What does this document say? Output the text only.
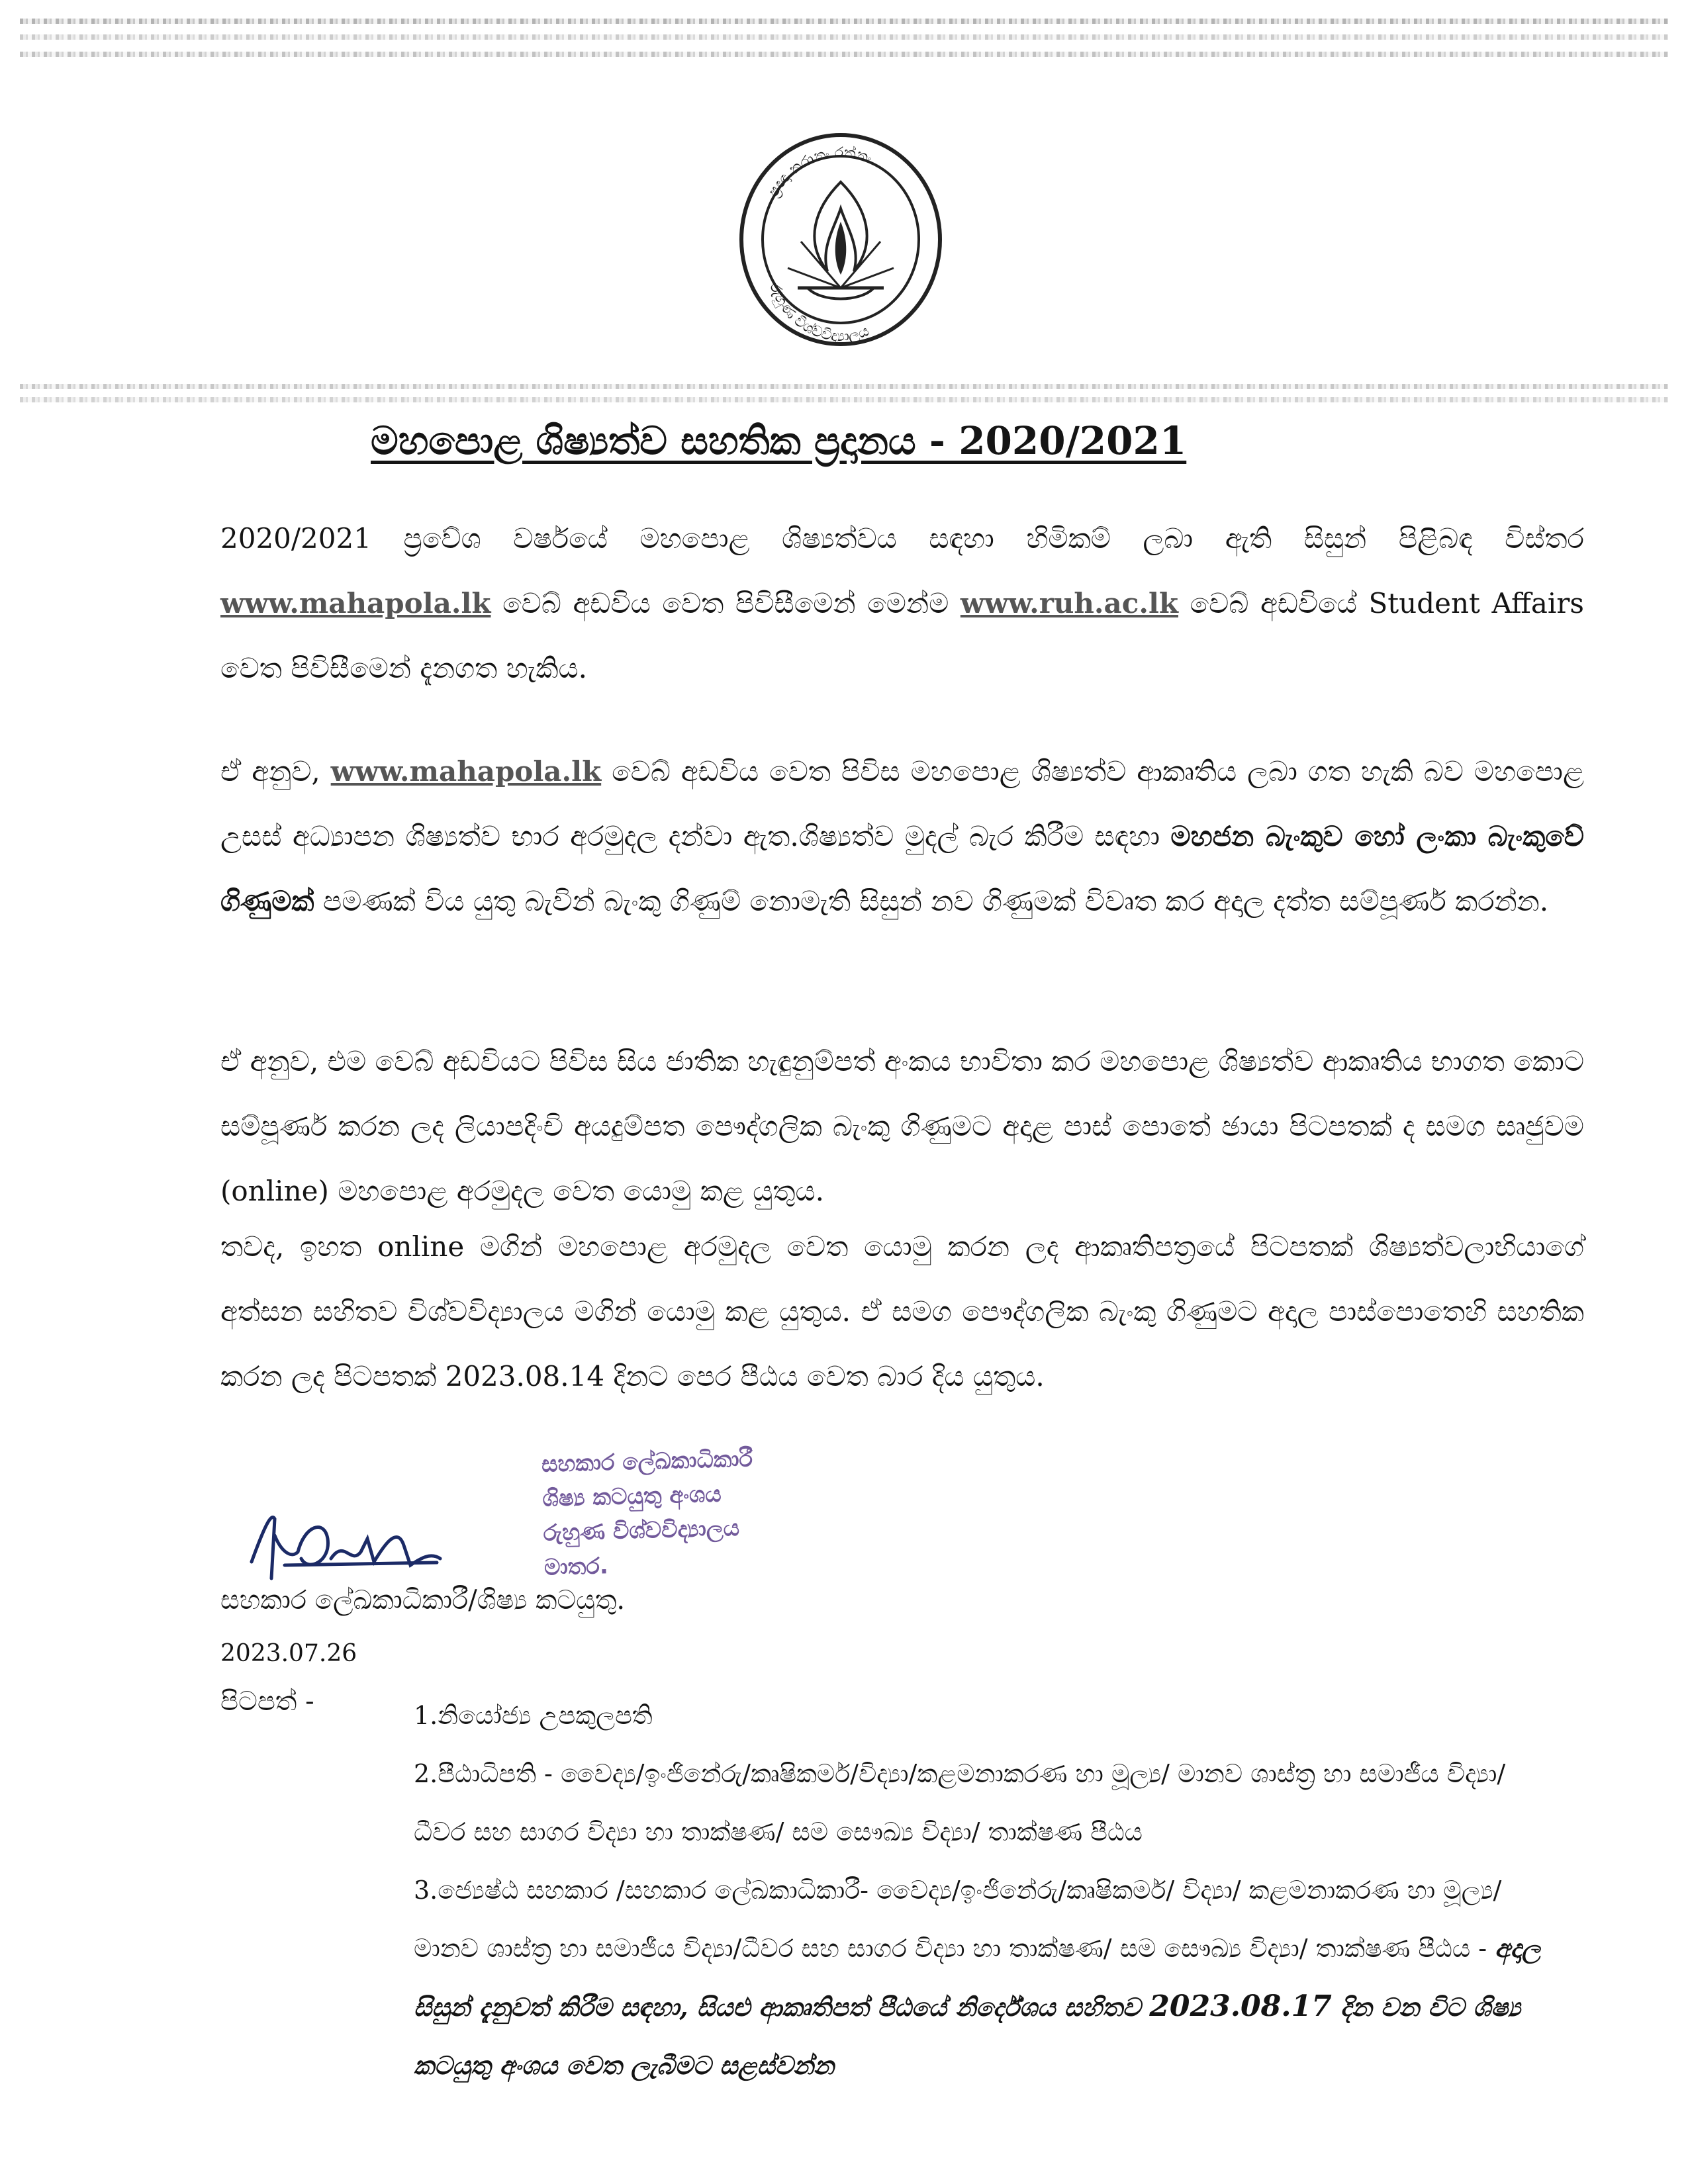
ප්‍රඥා නරානං රත්නං
රුහුණ විශ්වවිද්‍යාලය
මහපොළ ශිෂ්‍යත්ව සහතික ප්‍රදානය - 2020/2021

2020/2021 ප්‍රවේශ වර්ෂයේ මහපොළ ශිෂ්‍යත්වය සඳහා හිමිකම් ලබා ඇති සිසුන් පිළිබඳ විස්තර www.mahapola.lk වෙබ් අඩවිය වෙත පිවිසීමෙන් මෙන්ම www.ruh.ac.lk වෙබ් අඩවියේ Student Affairs වෙත පිවිසීමෙන් දැනගත හැකිය.

ඒ අනුව, www.mahapola.lk වෙබ් අඩවිය වෙත පිවිස මහපොළ ශිෂ්‍යත්ව ආකෘතිය ලබා ගත හැකි බව මහපොළ උසස් අධ්‍යාපන ශිෂ්‍යත්ව භාර අරමුදල දන්වා ඇත.ශිෂ්‍යත්ව මුදල් බැර කිරීම සඳහා මහජන බැංකුව හෝ ලංකා බැංකුවේ ගිණුමක් පමණක් විය යුතු බැවින් බැංකු ගිණුම් නොමැති සිසුන් නව ගිණුමක් විවෘත කර අදාල දත්ත සම්පූර්ණ කරන්න.

ඒ අනුව, එම වෙබ් අඩවියට පිවිස සිය ජාතික හැඳුනුම්පත් අංකය භාවිතා කර මහපොළ ශිෂ්‍යත්ව ආකෘතිය භාගත කොට සම්පූර්ණ කරන ලද ලියාපදිංචි අයදුම්පත පෞද්ගලික බැංකු ගිණුමට අදාළ පාස් පොතේ ඡායා පිටපතක් ද සමග සෘජුවම (online) මහපොළ අරමුදල වෙත යොමු කළ යුතුය.

තවද, ඉහත online මගින් මහපොළ අරමුදල වෙත යොමු කරන ලද ආකෘතිපත්‍රයේ පිටපතක් ශිෂ්‍යත්වලාභියාගේ අත්සන සහිතව විශ්වවිද්‍යාලය මගින් යොමු කළ යුතුය. ඒ සමග පෞද්ගලික බැංකු ගිණුමට අදාල පාස්පොතෙහි සහතික කරන ලද පිටපතක් 2023.08.14 දිනට පෙර පීඨය වෙත බාර දිය යුතුය.

සහකාර ලේඛකාධිකාරී
ශිෂ්‍ය කටයුතු අංශය
රුහුණ විශ්වවිද්‍යාලය
මාතර.

සහකාර ලේඛකාධිකාරී/ශිෂ්‍ය කටයුතු.

2023.07.26

පිටපත් -	1.නියෝජ්‍ය උපකුලපති
2.පීඨාධිපති - වෛද්‍ය/ඉංජිනේරු/කෘෂිකර්ම/විද්‍යා/කළමනාකරණ හා මූල්‍ය/ මානව ශාස්ත්‍ර හා සමාජීය විද්‍යා/ධීවර සහ සාගර විද්‍යා හා තාක්ෂණ/ සම සෞඛ්‍ය විද්‍යා/ තාක්ෂණ පීඨය
3.ජ්‍යෙෂ්ඨ සහකාර /සහකාර ලේඛකාධිකාරී- වෛද්‍ය/ඉංජිනේරු/කෘෂිකර්ම/ විද්‍යා/ කළමනාකරණ හා මූල්‍ය/ මානව ශාස්ත්‍ර හා සමාජීය විද්‍යා/ධීවර සහ සාගර විද්‍යා හා තාක්ෂණ/ සම සෞඛ්‍ය විද්‍යා/ තාක්ෂණ පීඨය - අදාල සිසුන් දැනුවත් කිරීම සඳහා, සියළු ආකෘතිපත් පීඨයේ නිර්දේශය සහිතව 2023.08.17 දින වන විට ශිෂ්‍ය කටයුතු අංශය වෙත ලැබීමට සළස්වන්න
